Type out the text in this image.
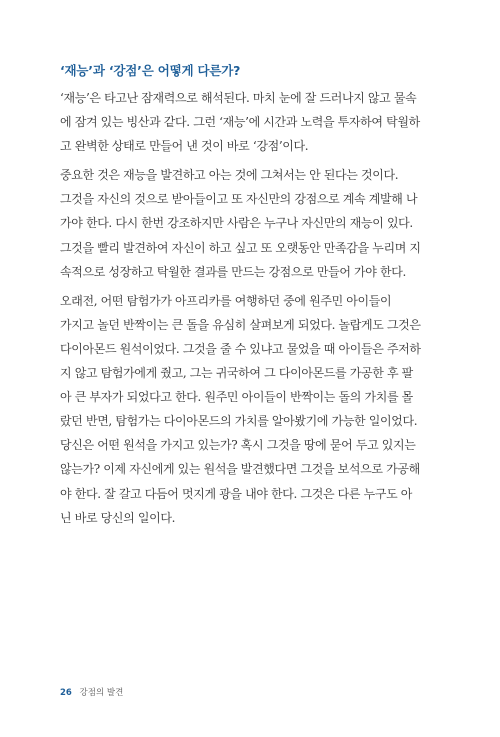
‘재능’과 ‘강점’은 어떻게 다른가?
‘재능’은 타고난 잠재력으로 해석된다. 마치 눈에 잘 드러나지 않고 물속
에 잠겨 있는 빙산과 같다. 그런 ‘재능’에 시간과 노력을 투자하여 탁월하
고 완벽한 상태로 만들어 낸 것이 바로 ‘강점’이다.
중요한 것은 재능을 발견하고 아는 것에 그쳐서는 안 된다는 것이다.
그것을 자신의 것으로 받아들이고 또 자신만의 강점으로 계속 계발해 나
가야 한다. 다시 한번 강조하지만 사람은 누구나 자신만의 재능이 있다.
그것을 빨리 발견하여 자신이 하고 싶고 또 오랫동안 만족감을 누리며 지
속적으로 성장하고 탁월한 결과를 만드는 강점으로 만들어 가야 한다.
오래전, 어떤 탐험가가 아프리카를 여행하던 중에 원주민 아이들이
가지고 놀던 반짝이는 큰 돌을 유심히 살펴보게 되었다. 놀랍게도 그것은
다이아몬드 원석이었다. 그것을 줄 수 있냐고 물었을 때 아이들은 주저하
지 않고 탐험가에게 줬고, 그는 귀국하여 그 다이아몬드를 가공한 후 팔
아 큰 부자가 되었다고 한다. 원주민 아이들이 반짝이는 돌의 가치를 몰
랐던 반면, 탐험가는 다이아몬드의 가치를 알아봤기에 가능한 일이었다.
당신은 어떤 원석을 가지고 있는가? 혹시 그것을 땅에 묻어 두고 있지는
않는가? 이제 자신에게 있는 원석을 발견했다면 그것을 보석으로 가공해
야 한다. 잘 갈고 다듬어 멋지게 광을 내야 한다. 그것은 다른 누구도 아
닌 바로 당신의 일이다.
26 강점의 발견
